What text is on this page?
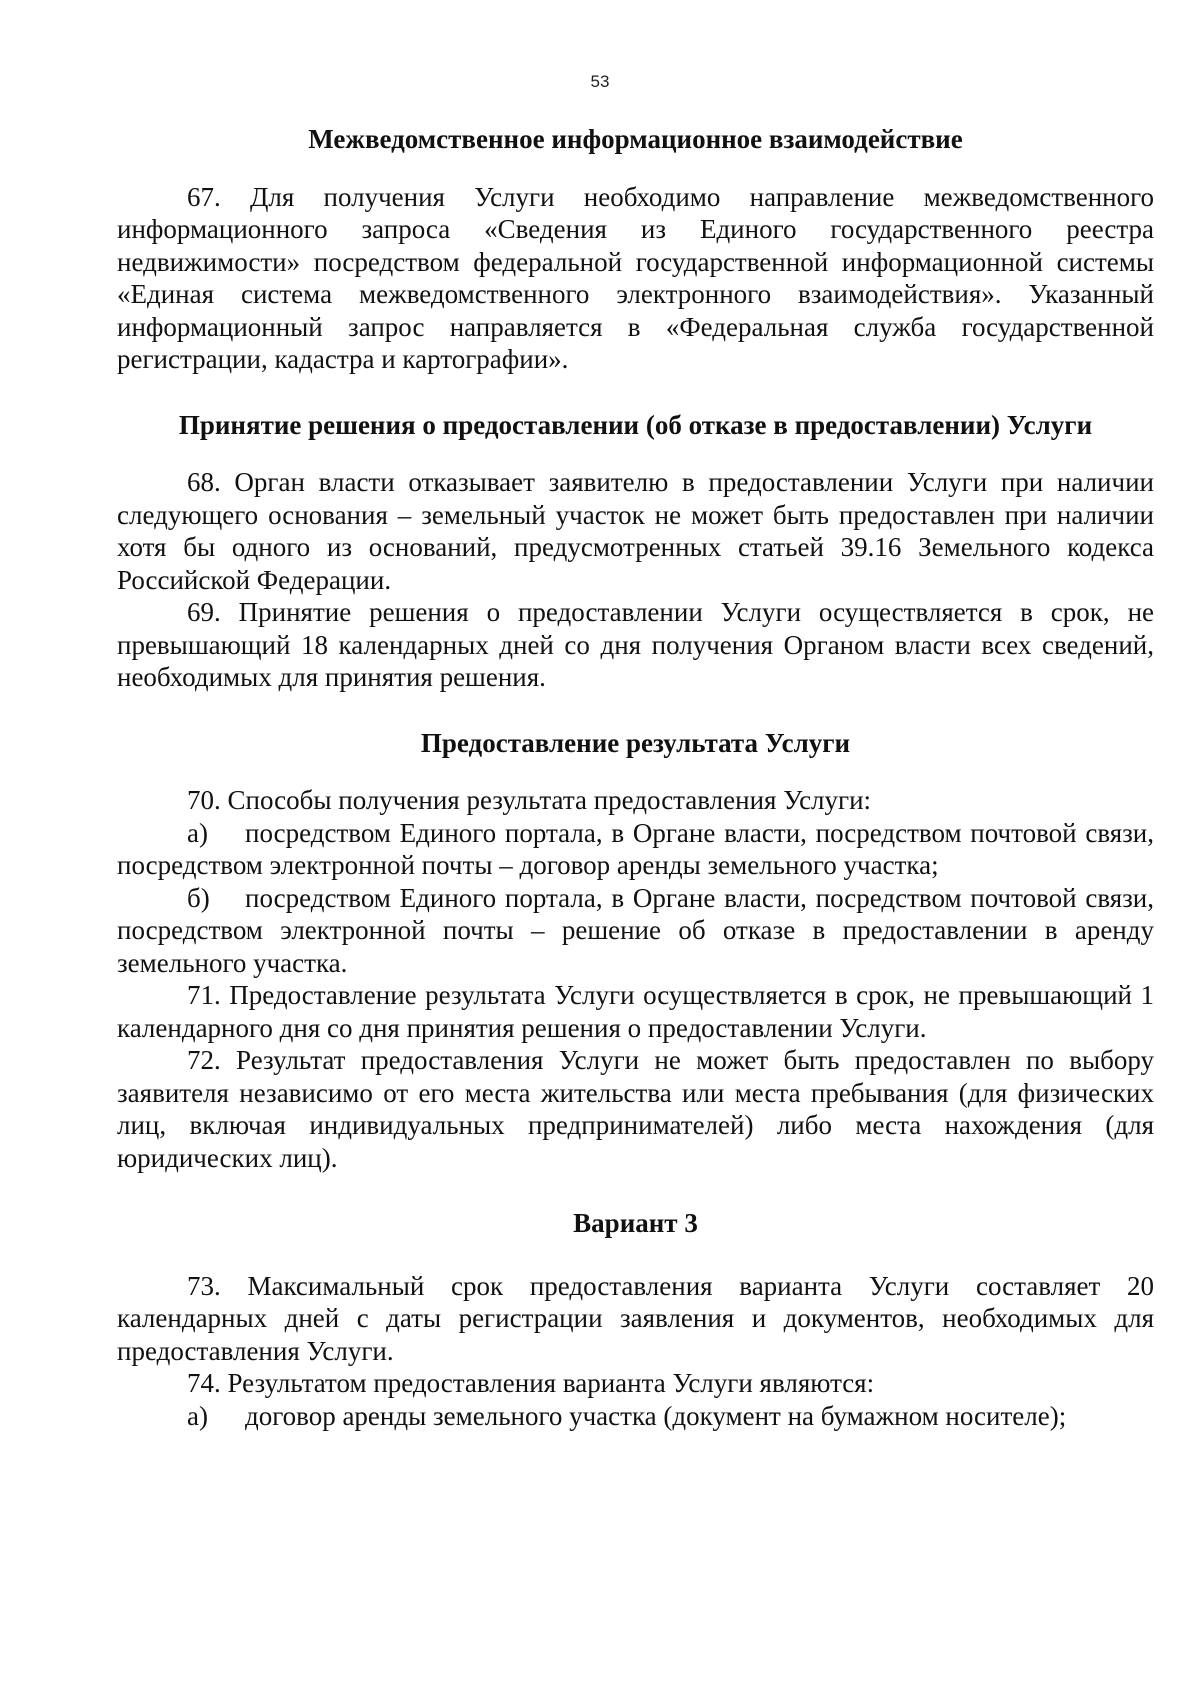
53
Межведомственное информационное взаимодействие

67. Для получения Услуги необходимо направление межведомственного информационного запроса «Сведения из Единого государственного реестра недвижимости» посредством федеральной государственной информационной системы «Единая система межведомственного электронного взаимодействия». Указанный информационный запрос направляется в «Федеральная служба государственной регистрации, кадастра и картографии».

Принятие решения о предоставлении (об отказе в предоставлении) Услуги

68. Орган власти отказывает заявителю в предоставлении Услуги при наличии следующего основания – земельный участок не может быть предоставлен при наличии хотя бы одного из оснований, предусмотренных статьей 39.16 Земельного кодекса Российской Федерации.

69. Принятие решения о предоставлении Услуги осуществляется в срок, не превышающий 18 календарных дней со дня получения Органом власти всех сведений, необходимых для принятия решения.

Предоставление результата Услуги

70. Способы получения результата предоставления Услуги:

а) посредством Единого портала, в Органе власти, посредством почтовой связи, посредством электронной почты – договор аренды земельного участка;

б) посредством Единого портала, в Органе власти, посредством почтовой связи, посредством электронной почты – решение об отказе в предоставлении в аренду земельного участка.

71. Предоставление результата Услуги осуществляется в срок, не превышающий 1 календарного дня со дня принятия решения о предоставлении Услуги.

72. Результат предоставления Услуги не может быть предоставлен по выбору заявителя независимо от его места жительства или места пребывания (для физических лиц, включая индивидуальных предпринимателей) либо места нахождения (для юридических лиц).

Вариант 3

73. Максимальный срок предоставления варианта Услуги составляет 20 календарных дней с даты регистрации заявления и документов, необходимых для предоставления Услуги.

74. Результатом предоставления варианта Услуги являются:

а) договор аренды земельного участка (документ на бумажном носителе);
